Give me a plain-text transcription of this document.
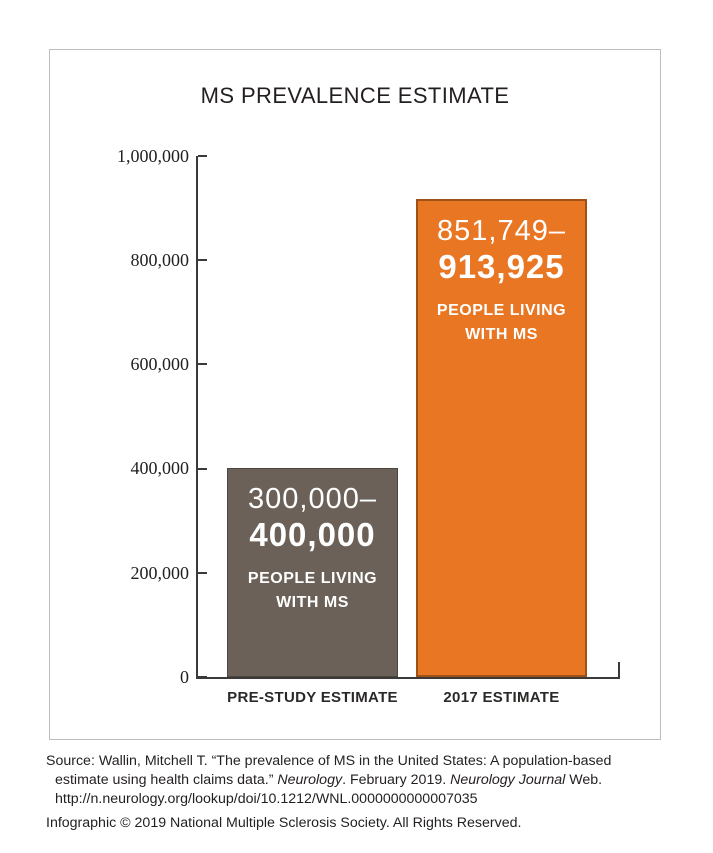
MS PREVALENCE ESTIMATE
1,000,000
800,000
600,000
400,000
200,000
0
300,000–
400,000
PEOPLE LIVING
WITH MS
851,749–
913,925
PEOPLE LIVING
WITH MS
PRE-STUDY ESTIMATE	2017 ESTIMATE
Source: Wallin, Mitchell T. “The prevalence of MS in the United States: A population-based
estimate using health claims data.” Neurology. February 2019. Neurology Journal Web.
http://n.neurology.org/lookup/doi/10.1212/WNL.0000000000007035
Infographic © 2019 National Multiple Sclerosis Society. All Rights Reserved.
